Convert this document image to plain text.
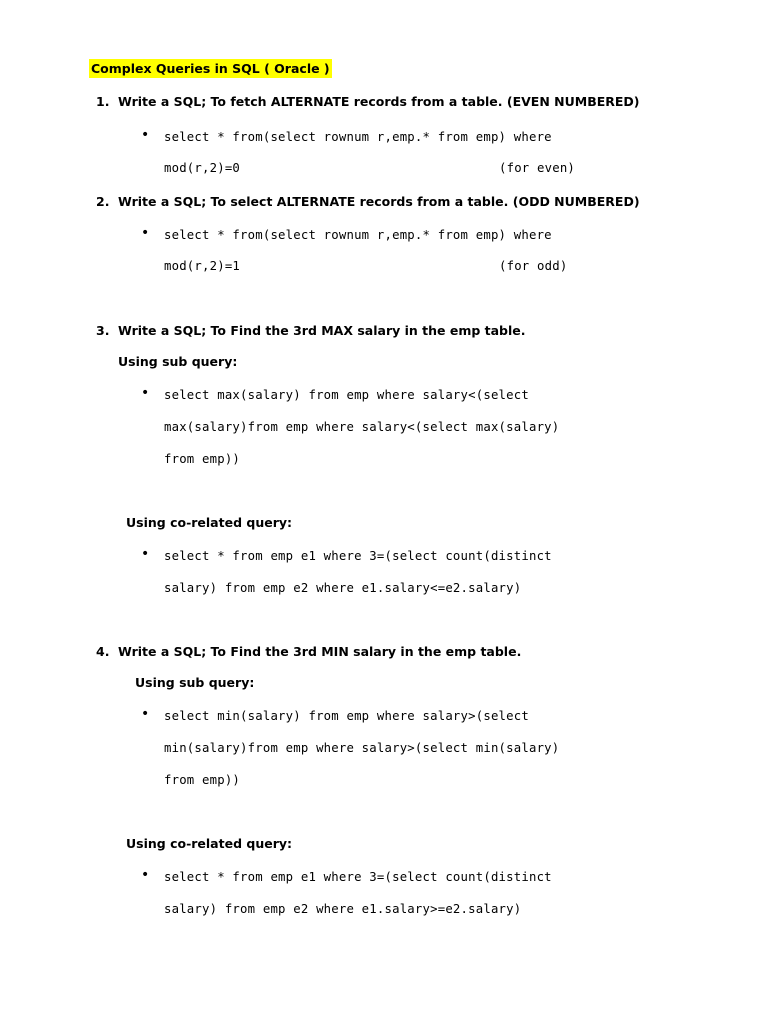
Complex Queries in SQL ( Oracle )
1. Write a SQL; To fetch ALTERNATE records from a table. (EVEN NUMBERED)
• select * from(select rownum r,emp.* from emp) where
mod(r,2)=0	(for even)
2. Write a SQL; To select ALTERNATE records from a table. (ODD NUMBERED)
• select * from(select rownum r,emp.* from emp) where
mod(r,2)=1	(for odd)
3. Write a SQL; To Find the 3rd MAX salary in the emp table.
Using sub query:
• select max(salary) from emp where salary<(select
max(salary)from emp where salary<(select max(salary)
from emp))
Using co-related query:
• select * from emp e1 where 3=(select count(distinct
salary) from emp e2 where e1.salary<=e2.salary)
4. Write a SQL; To Find the 3rd MIN salary in the emp table.
Using sub query:
• select min(salary) from emp where salary>(select
min(salary)from emp where salary>(select min(salary)
from emp))
Using co-related query:
• select * from emp e1 where 3=(select count(distinct
salary) from emp e2 where e1.salary>=e2.salary)
